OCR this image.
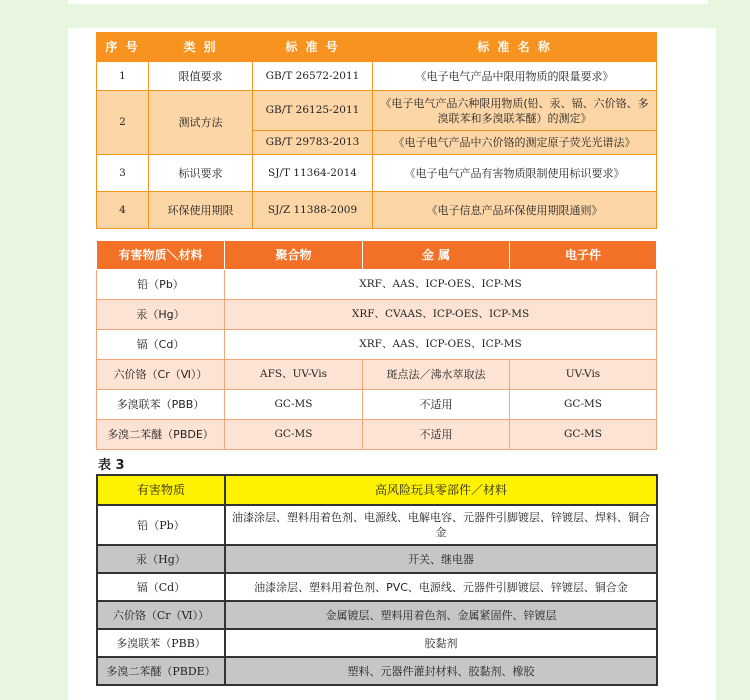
序 号	类 别	标 准 号	标 准 名 称
1	限值要求	GB/T 26572-2011	《电子电气产品中限用物质的限量要求》
2	测试方法	GB/T 26125-2011	《电子电气产品六种限用物质(铅、汞、镉、六价铬、多溴联苯和多溴联苯醚）的测定》
		GB/T 29783-2013	《电子电气产品中六价铬的测定原子荧光光谱法》
3	标识要求	SJ/T 11364-2014	《电子电气产品有害物质限制使用标识要求》
4	环保使用期限	SJ/Z 11388-2009	《电子信息产品环保使用期限通则》
有害物质＼材料	聚合物	金 属	电子件
铅（Pb）	XRF、AAS、ICP-OES、ICP-MS		
汞（Hg）	XRF、CVAAS、ICP-OES、ICP-MS		
镉（Cd）	XRF、AAS、ICP-OES、ICP-MS		
六价铬（Cr（Ⅵ））	AFS、UV-Vis	斑点法／沸水萃取法	UV-Vis
多溴联苯（PBB）	GC-MS	不适用	GC-MS
多溴二苯醚（PBDE）	GC-MS	不适用	GC-MS
表 3
有害物质	高风险玩具零部件／材料
铅（Pb）	油漆涂层、塑料用着色剂、电源线、电解电容、元器件引脚镀层、锌镀层、焊料、铜合金
汞（Hg）	开关、继电器
镉（Cd）	油漆涂层、塑料用着色剂、PVC、电源线、元器件引脚镀层、锌镀层、铜合金
六价铬（Cr（Ⅵ））	金属镀层、塑料用着色剂、金属紧固件、锌镀层
多溴联苯（PBB）	胶黏剂
多溴二苯醚（PBDE）	塑料、元器件灌封材料、胶黏剂、橡胶
